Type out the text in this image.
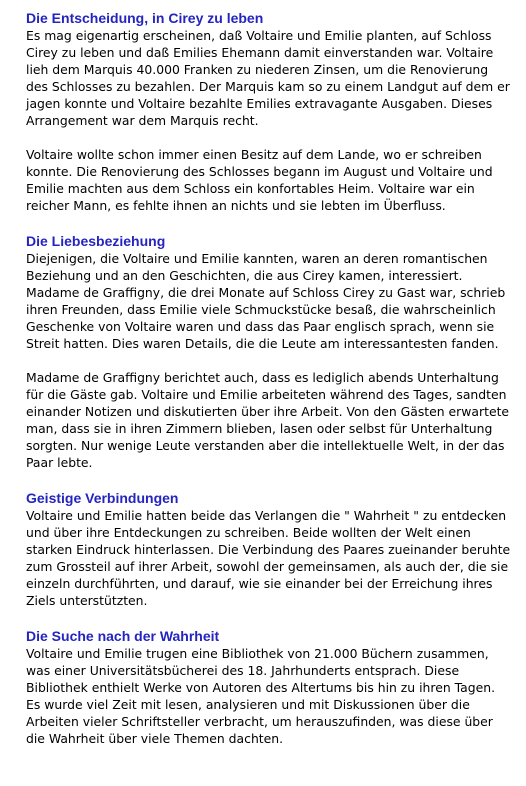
Die Entscheidung, in Cirey zu leben

Es mag eigenartig erscheinen, daß Voltaire und Emilie planten, auf Schloss Cirey zu leben und daß Emilies Ehemann damit einverstanden war. Voltaire lieh dem Marquis 40.000 Franken zu niederen Zinsen, um die Renovierung des Schlosses zu bezahlen. Der Marquis kam so zu einem Landgut auf dem er jagen konnte und Voltaire bezahlte Emilies extravagante Ausgaben. Dieses Arrangement war dem Marquis recht.

Voltaire wollte schon immer einen Besitz auf dem Lande, wo er schreiben konnte. Die Renovierung des Schlosses begann im August und Voltaire und Emilie machten aus dem Schloss ein konfortables Heim. Voltaire war ein reicher Mann, es fehlte ihnen an nichts und sie lebten im Überfluss.

Die Liebesbeziehung

Diejenigen, die Voltaire und Emilie kannten, waren an deren romantischen Beziehung und an den Geschichten, die aus Cirey kamen, interessiert. Madame de Graffigny, die drei Monate auf Schloss Cirey zu Gast war, schrieb ihren Freunden, dass Emilie viele Schmuckstücke besaß, die wahrscheinlich Geschenke von Voltaire waren und dass das Paar englisch sprach, wenn sie Streit hatten. Dies waren Details, die die Leute am interessantesten fanden.

Madame de Graffigny berichtet auch, dass es lediglich abends Unterhaltung für die Gäste gab. Voltaire und Emilie arbeiteten während des Tages, sandten einander Notizen und diskutierten über ihre Arbeit. Von den Gästen erwartete man, dass sie in ihren Zimmern blieben, lasen oder selbst für Unterhaltung sorgten. Nur wenige Leute verstanden aber die intellektuelle Welt, in der das Paar lebte.

Geistige Verbindungen

Voltaire und Emilie hatten beide das Verlangen die " Wahrheit " zu entdecken und über ihre Entdeckungen zu schreiben. Beide wollten der Welt einen starken Eindruck hinterlassen. Die Verbindung des Paares zueinander beruhte zum Grossteil auf ihrer Arbeit, sowohl der gemeinsamen, als auch der, die sie einzeln durchführten, und darauf, wie sie einander bei der Erreichung ihres Ziels unterstützten.

Die Suche nach der Wahrheit

Voltaire und Emilie trugen eine Bibliothek von 21.000 Büchern zusammen, was einer Universitätsbücherei des 18. Jahrhunderts entsprach. Diese Bibliothek enthielt Werke von Autoren des Altertums bis hin zu ihren Tagen. Es wurde viel Zeit mit lesen, analysieren und mit Diskussionen über die Arbeiten vieler Schriftsteller verbracht, um herauszufinden, was diese über die Wahrheit über viele Themen dachten.
